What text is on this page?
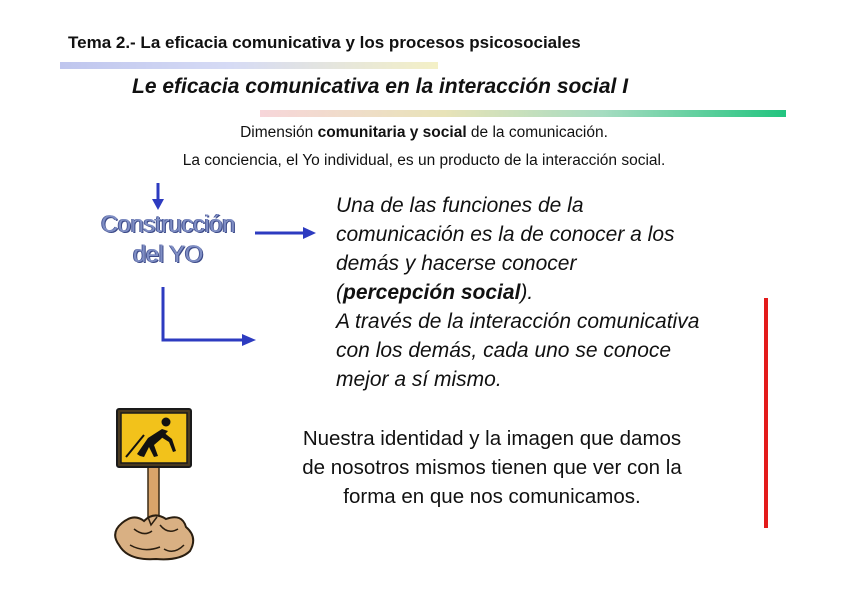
Tema 2.- La eficacia comunicativa y los procesos psicosociales
Le eficacia comunicativa en la interacción social I
Dimensión comunitaria y social de la comunicación.
La conciencia, el Yo individual, es un producto de la interacción social.
Construcción
del YO
Una de las funciones de la
comunicación es la de conocer a los
demás y hacerse conocer
(percepción social).
A través de la interacción comunicativa
con los demás, cada uno se conoce
mejor a sí mismo.
Nuestra identidad y la imagen que damos
de nosotros mismos tienen que ver con la
forma en que nos comunicamos.
